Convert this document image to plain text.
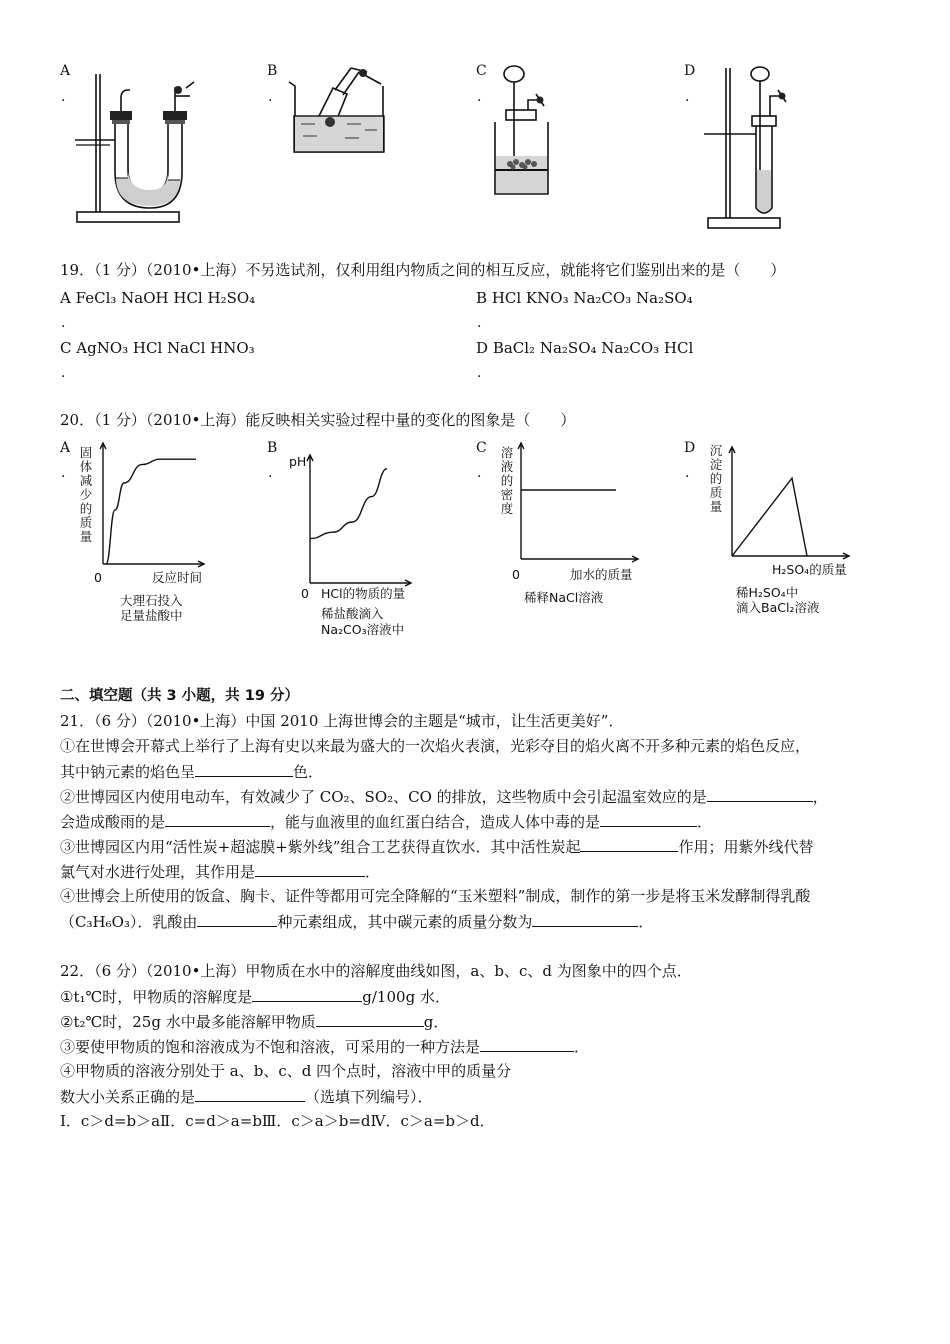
A
.
B
.
C
.
D
.
19．（1 分）（2010•上海）不另选试剂，仅利用组内物质之间的相互反应，就能将它们鉴别出来的是（　　）
A FeCl₃ NaOH HCl H₂SO₄
.
B HCl KNO₃ Na₂CO₃ Na₂SO₄
.
C AgNO₃ HCl NaCl HNO₃
.
D BaCl₂ Na₂SO₄ Na₂CO₃ HCl
.
20．（1 分）（2010•上海）能反映相关实验过程中量的变化的图象是（　　）
A
.
固体减少的质量
0	反应时间
大理石投入
足量盐酸中
B
.
pH
0 HCl的物质的量
稀盐酸滴入
Na₂CO₃溶液中
C
.
溶液的密度
0	加水的质量
稀释NaCl溶液
D
.
沉淀的质量
H₂SO₄的质量
稀H₂SO₄中
滴入BaCl₂溶液
二、填空题（共 3 小题，共 19 分）
21．（6 分）（2010•上海）中国 2010 上海世博会的主题是“城市，让生活更美好”．
①在世博会开幕式上举行了上海有史以来最为盛大的一次焰火表演，光彩夺目的焰火离不开多种元素的焰色反应，
其中钠元素的焰色呈	色．
②世博园区内使用电动车，有效减少了 CO₂、SO₂、CO 的排放，这些物质中会引起温室效应的是	，
会造成酸雨的是	，能与血液里的血红蛋白结合，造成人体中毒的是	．
③世博园区内用“活性炭+超滤膜+紫外线”组合工艺获得直饮水．其中活性炭起	作用；用紫外线代替
氯气对水进行处理，其作用是	．
④世博会上所使用的饭盒、胸卡、证件等都用可完全降解的“玉米塑料”制成，制作的第一步是将玉米发酵制得乳酸
（C₃H₆O₃）．乳酸由	种元素组成，其中碳元素的质量分数为	．
22．（6 分）（2010•上海）甲物质在水中的溶解度曲线如图，a、b、c、d 为图象中的四个点．
①t₁℃时，甲物质的溶解度是	g/100g 水．
②t₂℃时，25g 水中最多能溶解甲物质	g．
③要使甲物质的饱和溶液成为不饱和溶液，可采用的一种方法是	．
④甲物质的溶液分别处于 a、b、c、d 四个点时，溶液中甲的质量分
数大小关系正确的是	（选填下列编号）．
Ⅰ．c＞d=b＞aⅡ．c=d＞a=bⅢ．c＞a＞b=dⅣ．c＞a=b＞d．
